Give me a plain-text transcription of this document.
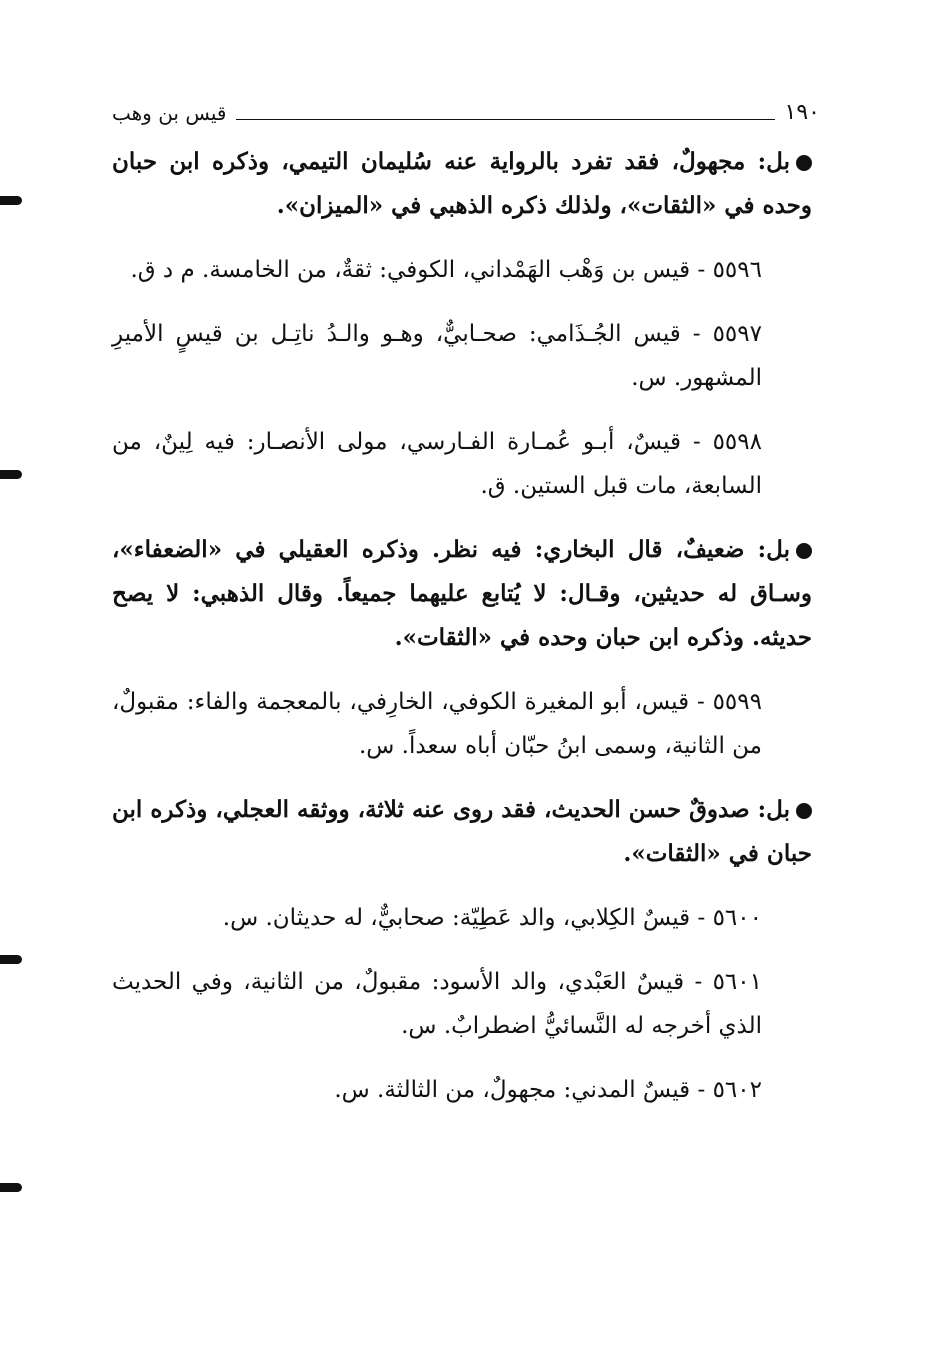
١٩٠
قيس بن وهب

بل: مجهولٌ، فقد تفرد بالرواية عنه سُليمان التيمي، وذكره ابن حبان وحده في «الثقات»، ولذلك ذكره الذهبي في «الميزان».

٥٥٩٦ - قيس بن وَهْب الهَمْداني، الكوفي: ثقةٌ، من الخامسة. م د ق.

٥٥٩٧ - قيس الجُـذَامي: صحـابيٌّ، وهـو والـدُ ناتِـل بن قيسٍ الأميرِ المشهور. س.

٥٥٩٨ - قيسٌ، أبـو عُمـارة الفـارسي، مولى الأنصـار: فيه لِينٌ، من السابعة، مات قبل الستين. ق.

بل: ضعيفٌ، قال البخاري: فيه نظر. وذكره العقيلي في «الضعفاء»، وسـاق له حديثين، وقـال: لا يُتابع عليهما جميعاً. وقال الذهبي: لا يصح حديثه. وذكره ابن حبان وحده في «الثقات».

٥٥٩٩ - قيس، أبو المغيرة الكوفي، الخارِفي، بالمعجمة والفاء: مقبولٌ، من الثانية، وسمى ابنُ حبّان أباه سعداً. س.

بل: صدوقٌ حسن الحديث، فقد روى عنه ثلاثة، ووثقه العجلي، وذكره ابن حبان في «الثقات».

٥٦٠٠ - قيسٌ الكِلابي، والد عَطِيّة: صحابيٌّ، له حديثان. س.

٥٦٠١ - قيسٌ العَبْدي، والد الأسود: مقبولٌ، من الثانية، وفي الحديث الذي أخرجه له النَّسائيُّ اضطرابٌ. س.

٥٦٠٢ - قيسٌ المدني: مجهولٌ، من الثالثة. س.
